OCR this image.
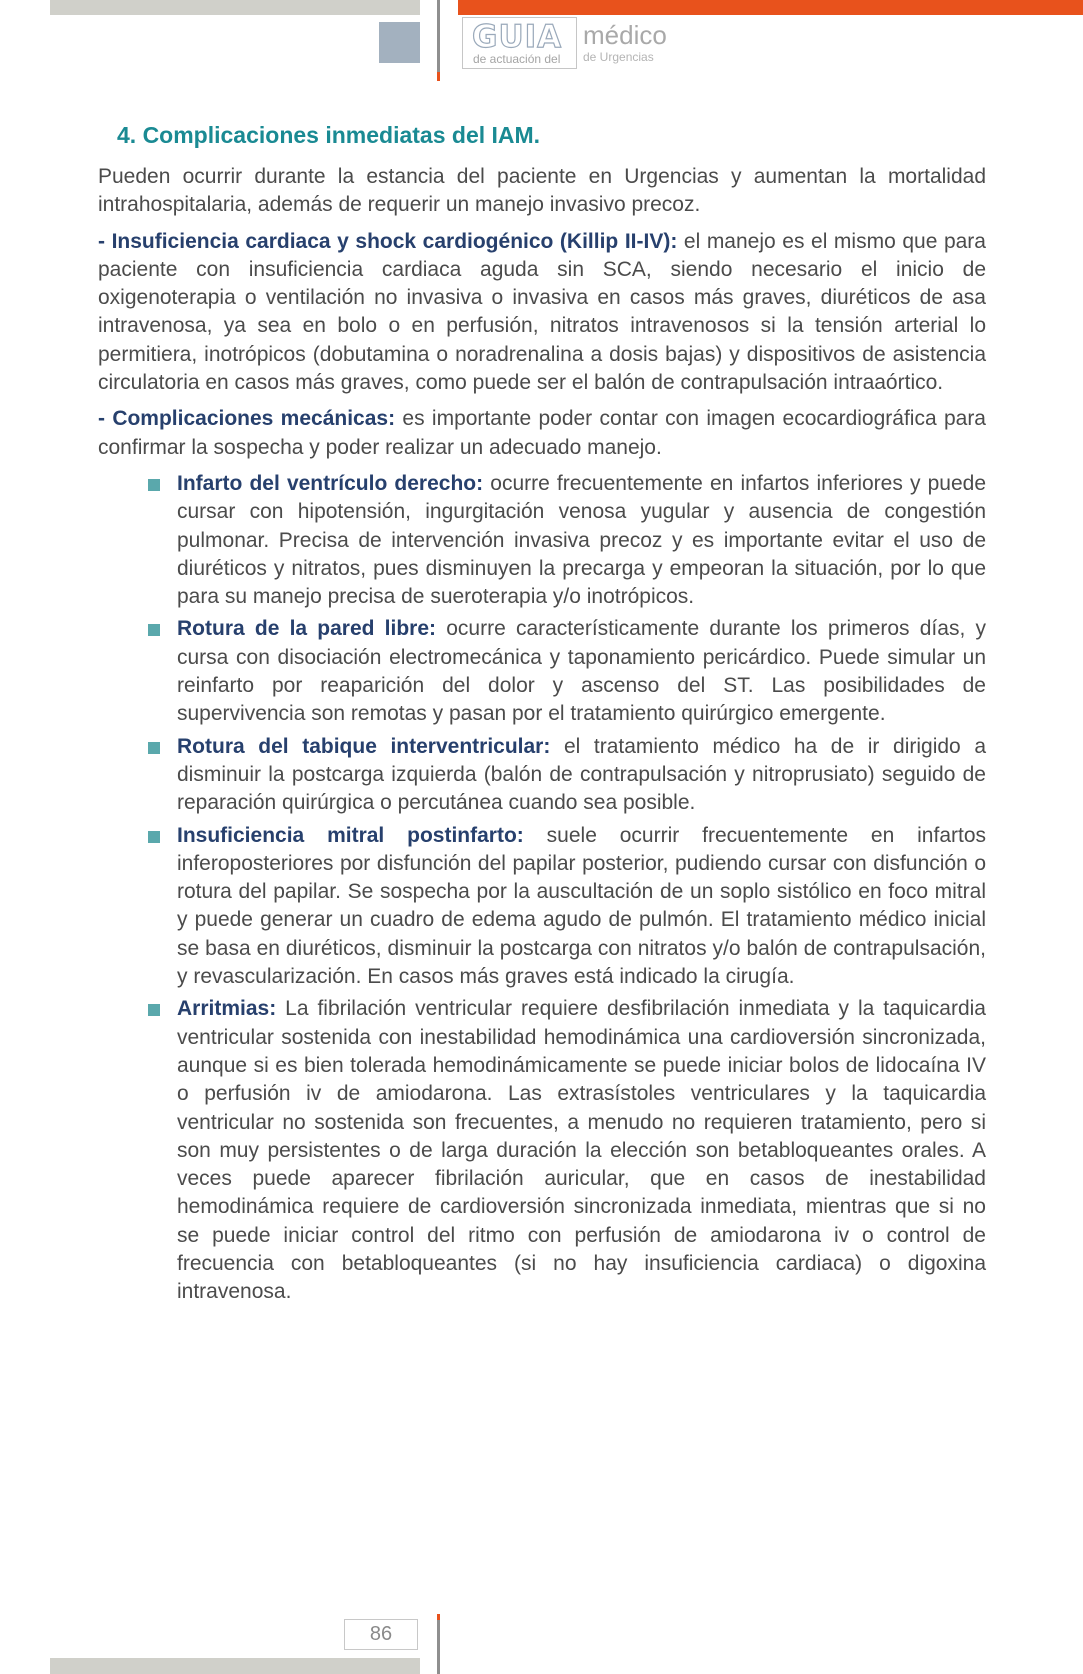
GUIA
de actuación del
médico
de Urgencias
4. Complicaciones inmediatas del IAM.

Pueden ocurrir durante la estancia del paciente en Urgencias y aumentan la mortalidad intrahospitalaria, además de requerir un manejo invasivo precoz.

- Insuficiencia cardiaca y shock cardiogénico (Killip II-IV): el manejo es el mismo que para paciente con insuficiencia cardiaca aguda sin SCA, siendo necesario el inicio de oxigenoterapia o ventilación no invasiva o invasiva en casos más graves, diuréticos de asa intravenosa, ya sea en bolo o en perfusión, nitratos intravenosos si la tensión arterial lo permitiera, inotrópicos (dobutamina o noradrenalina a dosis bajas) y dispositivos de asistencia circulatoria en casos más graves, como puede ser el balón de contrapulsación intraaórtico.

- Complicaciones mecánicas: es importante poder contar con imagen ecocardiográfica para confirmar la sospecha y poder realizar un adecuado manejo.

Infarto del ventrículo derecho: ocurre frecuentemente en infartos inferiores y puede cursar con hipotensión, ingurgitación venosa yugular y ausencia de congestión pulmonar. Precisa de intervención invasiva precoz y es importante evitar el uso de diuréticos y nitratos, pues disminuyen la precarga y empeoran la situación, por lo que para su manejo precisa de sueroterapia y/o inotrópicos.

Rotura de la pared libre: ocurre característicamente durante los primeros días, y cursa con disociación electromecánica y taponamiento pericárdico. Puede simular un reinfarto por reaparición del dolor y ascenso del ST. Las posibilidades de supervivencia son remotas y pasan por el tratamiento quirúrgico emergente.

Rotura del tabique interventricular: el tratamiento médico ha de ir dirigido a disminuir la postcarga izquierda (balón de contrapulsación y nitroprusiato) seguido de reparación quirúrgica o percutánea cuando sea posible.

Insuficiencia mitral postinfarto: suele ocurrir frecuentemente en infartos inferoposteriores por disfunción del papilar posterior, pudiendo cursar con disfunción o rotura del papilar. Se sospecha por la auscultación de un soplo sistólico en foco mitral y puede generar un cuadro de edema agudo de pulmón. El tratamiento médico inicial se basa en diuréticos, disminuir la postcarga con nitratos y/o balón de contrapulsación, y revascularización. En casos más graves está indicado la cirugía.

Arritmias: La fibrilación ventricular requiere desfibrilación inmediata y la taquicardia ventricular sostenida con inestabilidad hemodinámica una cardioversión sincronizada, aunque si es bien tolerada hemodinámicamente se puede iniciar bolos de lidocaína IV o perfusión iv de amiodarona. Las extrasístoles ventriculares y la taquicardia ventricular no sostenida son frecuentes, a menudo no requieren tratamiento, pero si son muy persistentes o de larga duración la elección son betabloqueantes orales. A veces puede aparecer fibrilación auricular, que en casos de inestabilidad hemodinámica requiere de cardioversión sincronizada inmediata, mientras que si no se puede iniciar control del ritmo con perfusión de amiodarona iv o control de frecuencia con betabloqueantes (si no hay insuficiencia cardiaca) o digoxina intravenosa.

86
